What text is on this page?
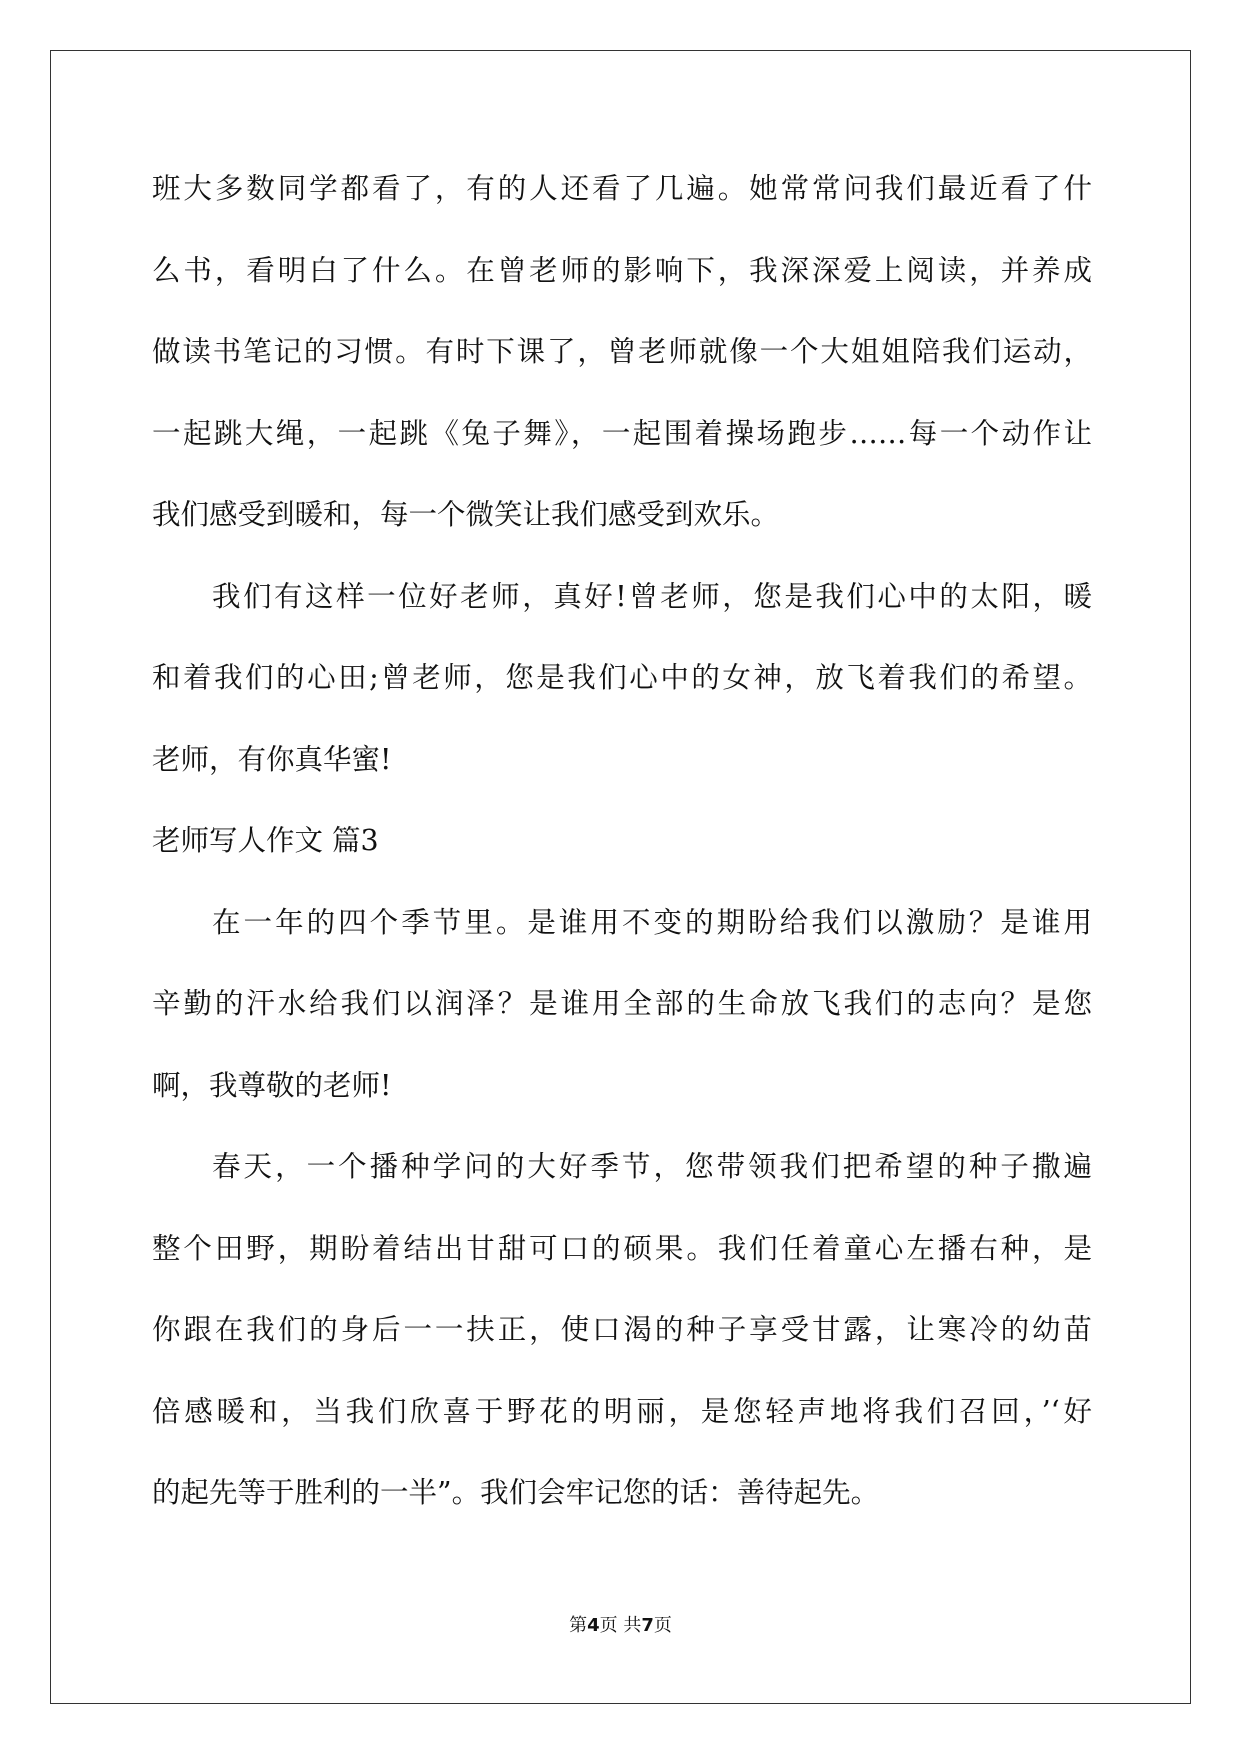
班大多数同学都看了，有的人还看了几遍。她常常问我们最近看了什

么书，看明白了什么。在曾老师的影响下，我深深爱上阅读，并养成

做读书笔记的习惯。有时下课了，曾老师就像一个大姐姐陪我们运动，

一起跳大绳，一起跳《兔子舞》，一起围着操场跑步……每一个动作让

我们感受到暖和，每一个微笑让我们感受到欢乐。

我们有这样一位好老师，真好!曾老师，您是我们心中的太阳，暖

和着我们的心田;曾老师，您是我们心中的女神，放飞着我们的希望。

老师，有你真华蜜!

老师写人作文 篇3

在一年的四个季节里。是谁用不变的期盼给我们以激励？是谁用

辛勤的汗水给我们以润泽？是谁用全部的生命放飞我们的志向？是您

啊，我尊敬的老师!

春天，一个播种学问的大好季节，您带领我们把希望的种子撒遍

整个田野，期盼着结出甘甜可口的硕果。我们任着童心左播右种，是

你跟在我们的身后一一扶正，使口渴的种子享受甘露，让寒冷的幼苗

倍感暖和，当我们欣喜于野花的明丽，是您轻声地将我们召回，’‘好

的起先等于胜利的一半”。我们会牢记您的话：善待起先。

第4页 共7页
